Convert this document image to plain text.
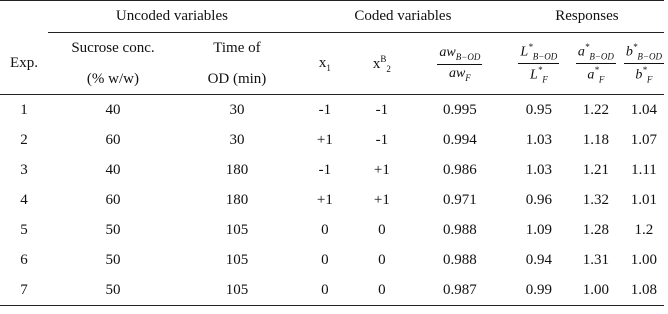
	Uncoded variables		Coded variables			Responses		
Exp.	Sucrose conc.	Time of	$x_1$	$x^B_2$	$\frac{aw_{B-OD}}{aw_F}$	$\frac{L^*_{B-OD}}{L^*_F}$	$\frac{a^*_{B-OD}}{a^*_F}$	$\frac{b^*_{B-OD}}{b^*_F}$

	(% w/w)	OD (min)						
1	40	30	-1	-1	0.995	0.95	1.22	1.04
2	60	30	+1	-1	0.994	1.03	1.18	1.07
3	40	180	-1	+1	0.986	1.03	1.21	1.11
4	60	180	+1	+1	0.971	0.96	1.32	1.01
5	50	105	0	0	0.988	1.09	1.28	1.2
6	50	105	0	0	0.988	0.94	1.31	1.00
7	50	105	0	0	0.987	0.99	1.00	1.08
